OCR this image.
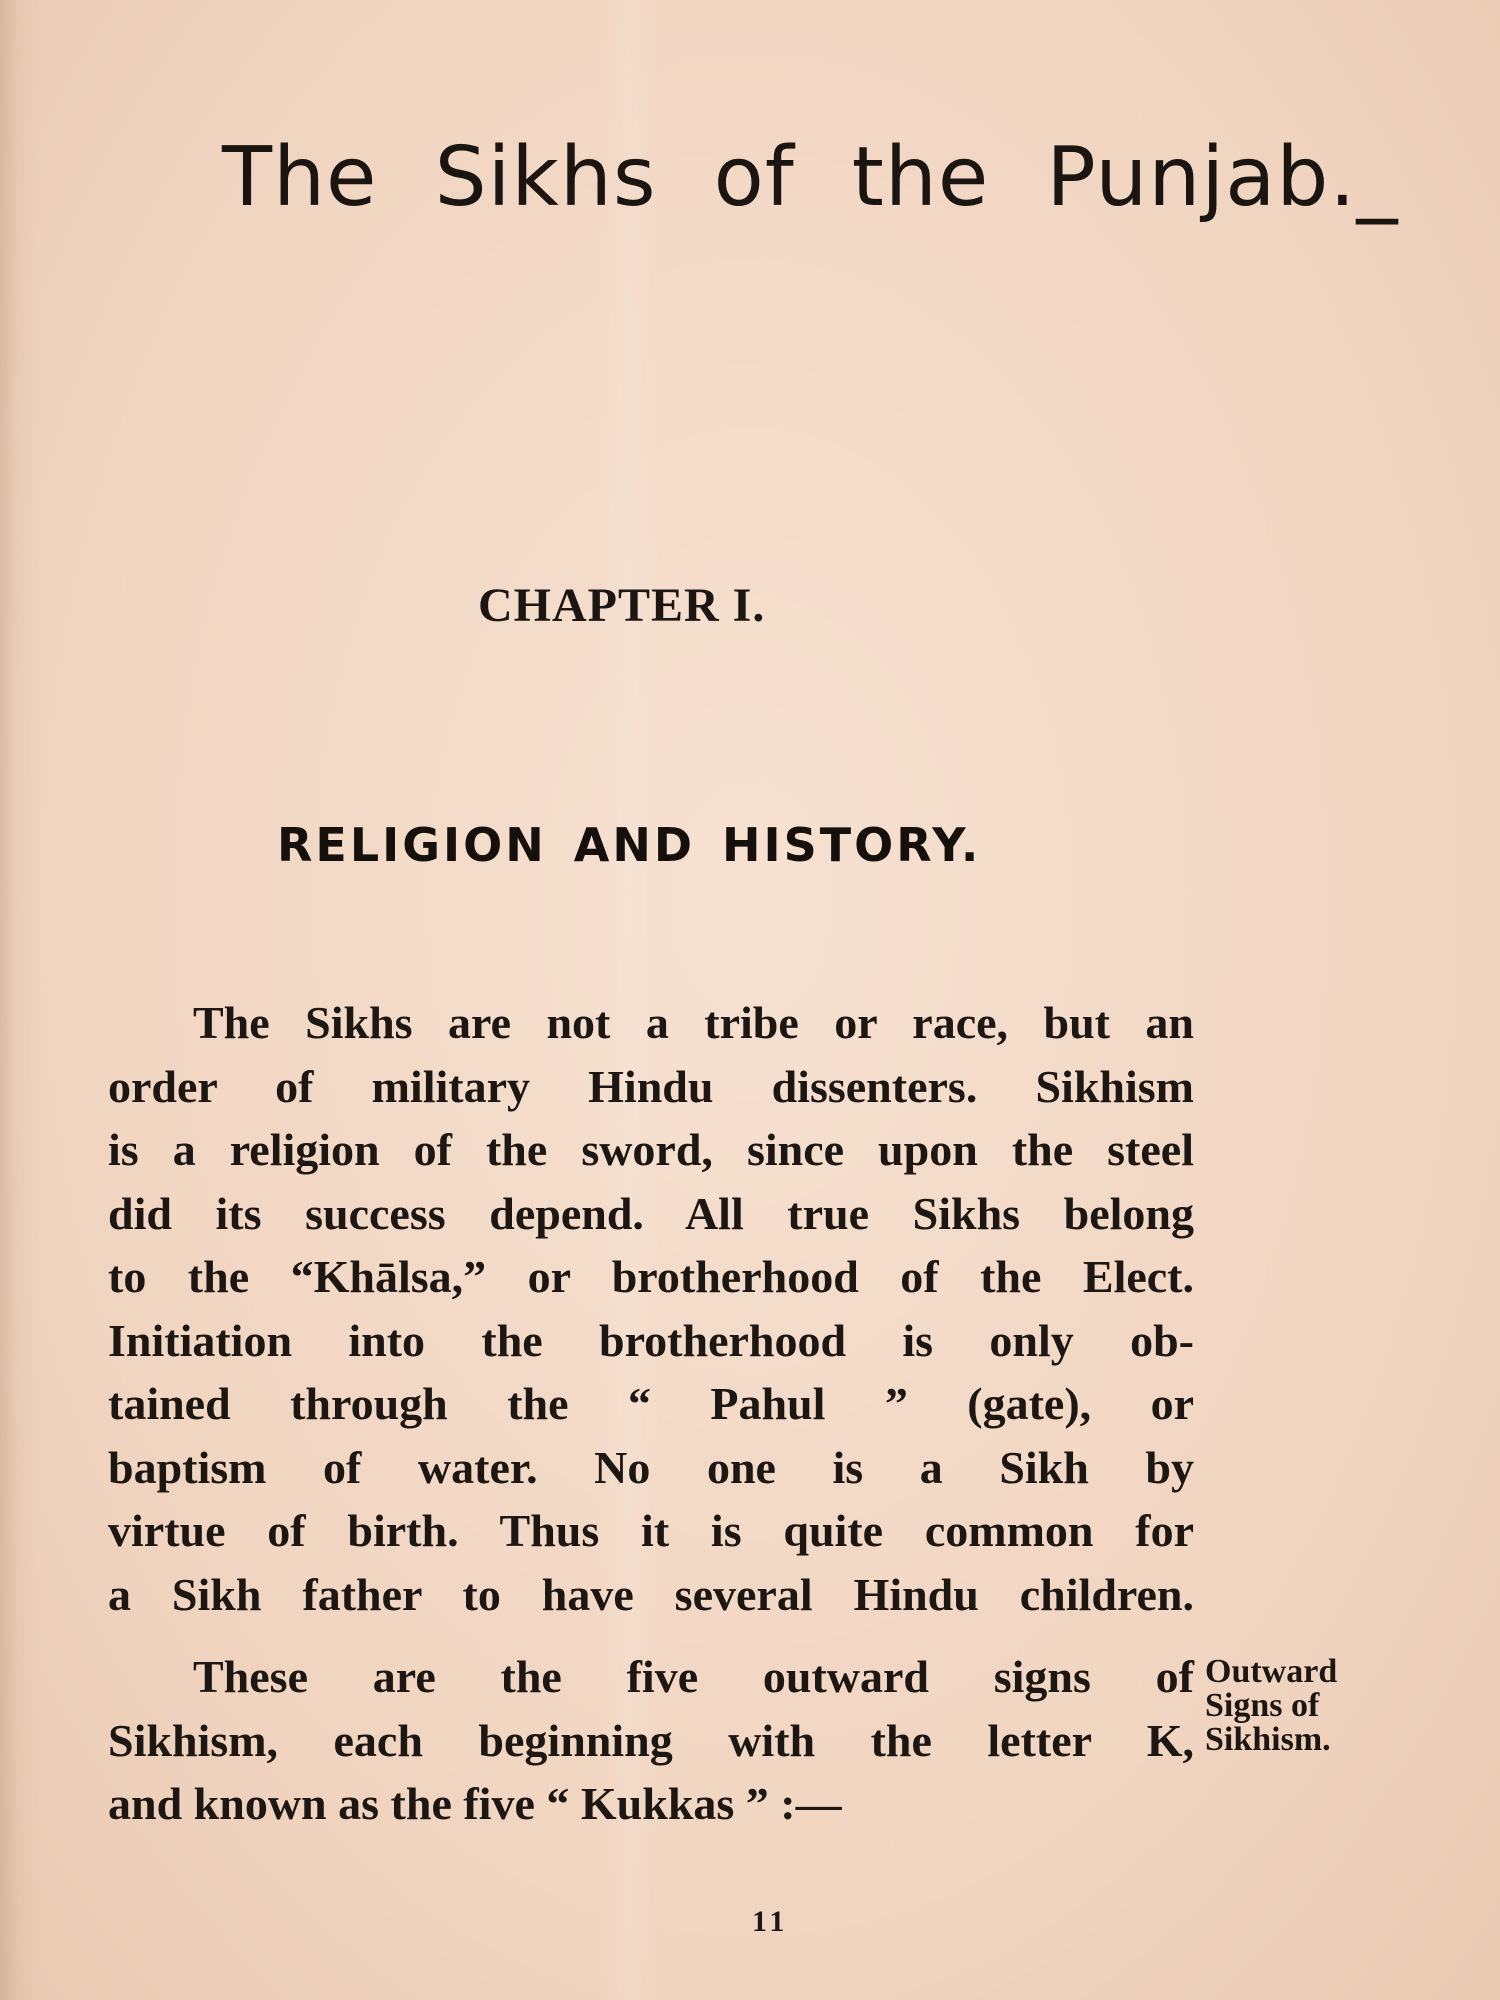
The Sikhs of the Punjab._
CHAPTER I.
RELIGION AND HISTORY.
The Sikhs are not a tribe or race, but an
order of military Hindu dissenters. Sikhism
is a religion of the sword, since upon the steel
did its success depend. All true Sikhs belong
to the “Khālsa,” or brotherhood of the Elect.
Initiation into the brotherhood is only ob-
tained through the “ Pahul ” (gate), or
baptism of water. No one is a Sikh by
virtue of birth. Thus it is quite common for
a Sikh father to have several Hindu children.
These are the five outward signs of
Sikhism, each beginning with the letter K,
and known as the five “ Kukkas ” :—
Outward
Signs of
Sikhism.
11
